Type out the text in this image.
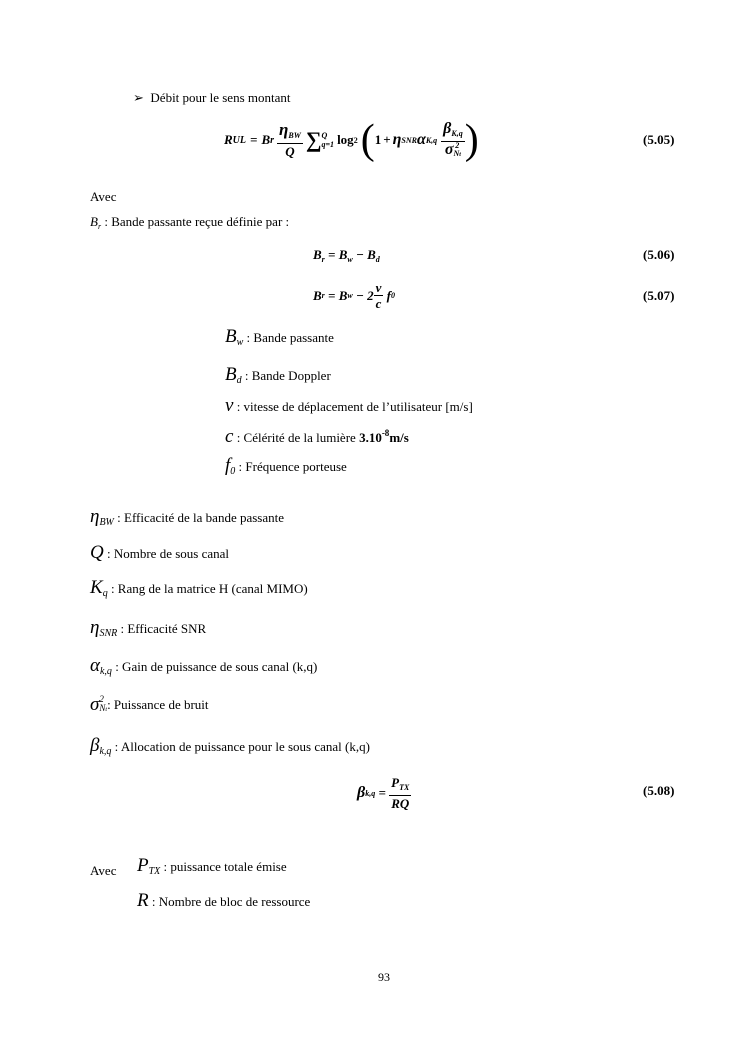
➢ Débit pour le sens montant
R UL = B r $\frac{\eta_{BW}}{Q}$ ∑ Q
q=1 log 2 ( 1 + η SNR α K,q $\beta_{K,q}$
σ 2
Nt )	(5.05)
Avec
$B_r$ : Bande passante reçue définie par :
$B_r = B_w - B_d$	(5.06)
B r = B $w - 2 \frac{v}{c}$ f 0	(5.07)
$B_w$ : Bande passante
$B_d$ : Bande Doppler
v : vitesse de déplacement de l’utilisateur [m/s]
c : Célérité de la lumière $3.10^{-8}m/s$
$f_0$ : Fréquence porteuse
$\eta_{BW}$ : Efficacité de la bande passante
Q : Nombre de sous canal
$K_q$ : Rang de la matrice H (canal MIMO)
$\eta_{SNR}$ : Efficacité SNR
$\alpha_{k,q}$ : Gain de puissance de sous canal (k,q)
σ 2
Nt : Puissance de bruit
$\beta_{k,q}$ : Allocation de puissance pour le sous canal (k,q)
β $k,q = \frac{P_{TX}}{RQ}$	(5.08)
Avec $P_{TX}$ : puissance totale émise
R : Nombre de bloc de ressource
93
